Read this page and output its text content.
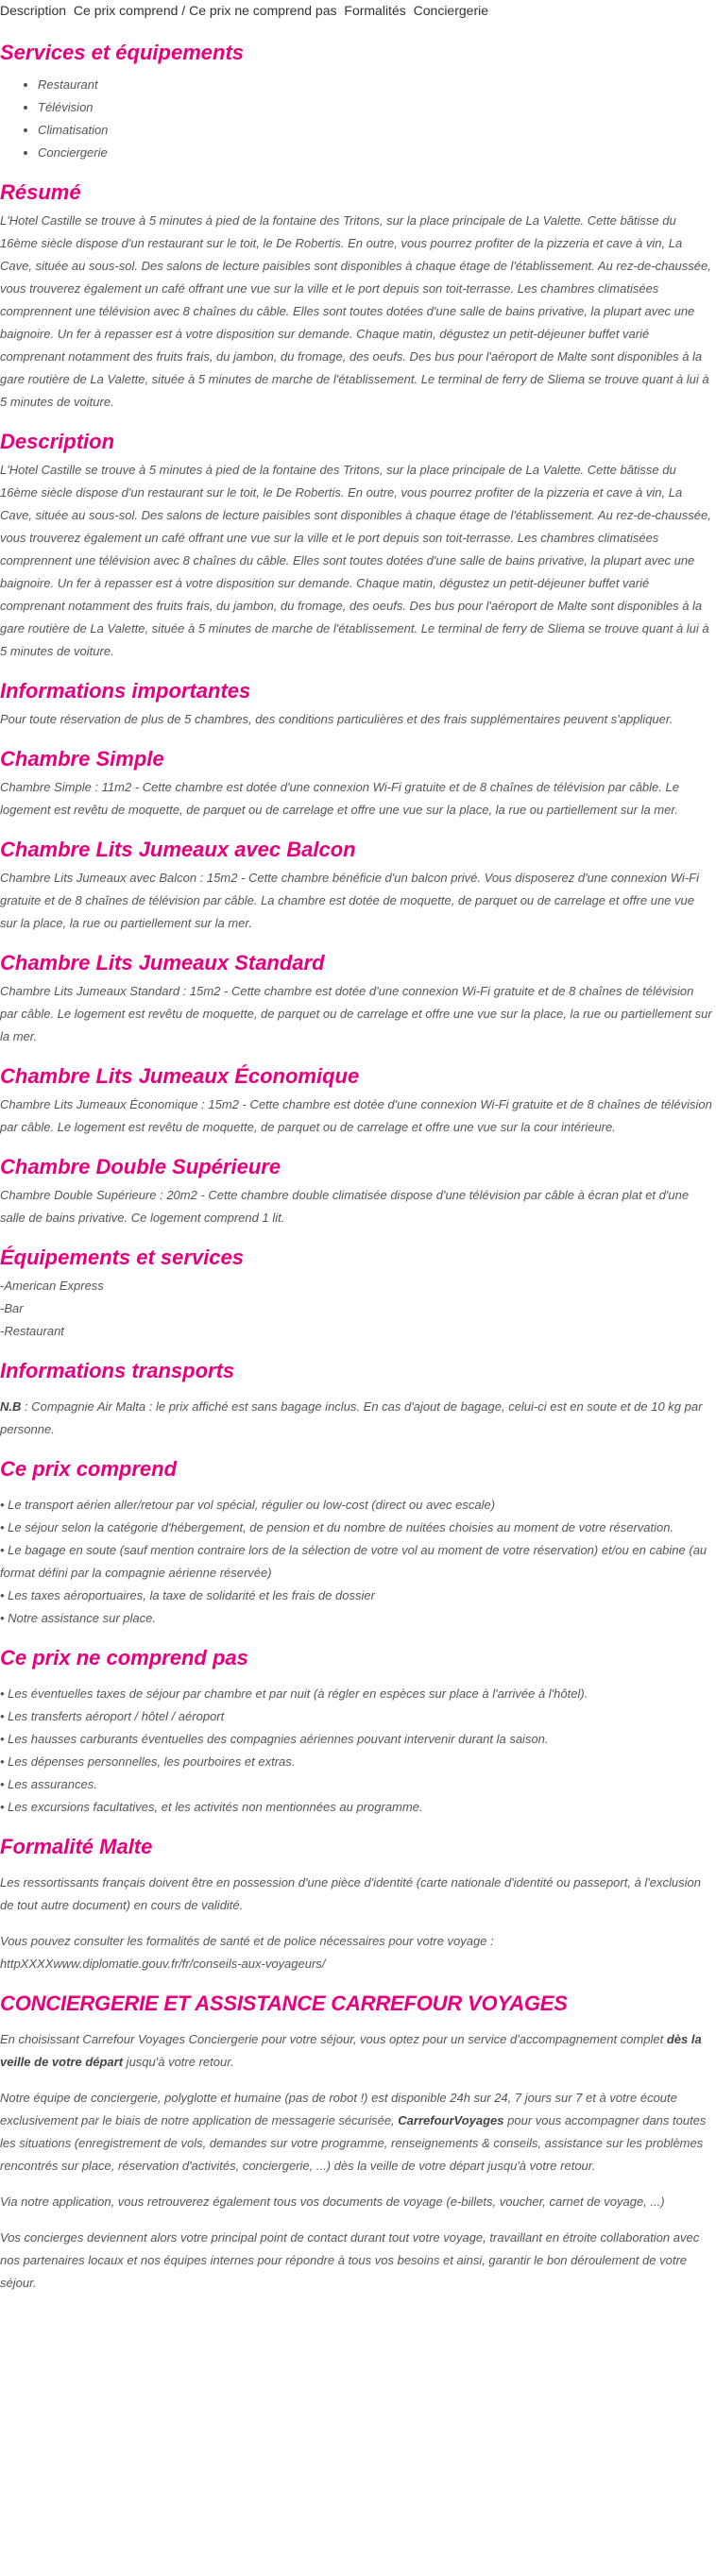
Description Ce prix comprend / Ce prix ne comprend pas Formalités Conciergerie
Services et équipements
• Restaurant
• Télévision
• Climatisation
• Conciergerie
Résumé

L'Hotel Castille se trouve à 5 minutes à pied de la fontaine des Tritons, sur la place principale de La Valette. Cette bâtisse du 16ème siècle dispose d'un restaurant sur le toit, le De Robertis. En outre, vous pourrez profiter de la pizzeria et cave à vin, La Cave, située au sous-sol. Des salons de lecture paisibles sont disponibles à chaque étage de l'établissement. Au rez-de-chaussée, vous trouverez également un café offrant une vue sur la ville et le port depuis son toit-terrasse. Les chambres climatisées comprennent une télévision avec 8 chaînes du câble. Elles sont toutes dotées d'une salle de bains privative, la plupart avec une baignoire. Un fer à repasser est à votre disposition sur demande. Chaque matin, dégustez un petit-déjeuner buffet varié comprenant notamment des fruits frais, du jambon, du fromage, des oeufs. Des bus pour l'aéroport de Malte sont disponibles à la gare routière de La Valette, située à 5 minutes de marche de l'établissement. Le terminal de ferry de Sliema se trouve quant à lui à 5 minutes de voiture.

Description

L'Hotel Castille se trouve à 5 minutes à pied de la fontaine des Tritons, sur la place principale de La Valette. Cette bâtisse du 16ème siècle dispose d'un restaurant sur le toit, le De Robertis. En outre, vous pourrez profiter de la pizzeria et cave à vin, La Cave, située au sous-sol. Des salons de lecture paisibles sont disponibles à chaque étage de l'établissement. Au rez-de-chaussée, vous trouverez également un café offrant une vue sur la ville et le port depuis son toit-terrasse. Les chambres climatisées comprennent une télévision avec 8 chaînes du câble. Elles sont toutes dotées d'une salle de bains privative, la plupart avec une baignoire. Un fer à repasser est à votre disposition sur demande. Chaque matin, dégustez un petit-déjeuner buffet varié comprenant notamment des fruits frais, du jambon, du fromage, des oeufs. Des bus pour l'aéroport de Malte sont disponibles à la gare routière de La Valette, située à 5 minutes de marche de l'établissement. Le terminal de ferry de Sliema se trouve quant à lui à 5 minutes de voiture.

Informations importantes

Pour toute réservation de plus de 5 chambres, des conditions particulières et des frais supplémentaires peuvent s'appliquer.

Chambre Simple

Chambre Simple : 11m2 - Cette chambre est dotée d'une connexion Wi-Fi gratuite et de 8 chaînes de télévision par câble. Le logement est revêtu de moquette, de parquet ou de carrelage et offre une vue sur la place, la rue ou partiellement sur la mer.

Chambre Lits Jumeaux avec Balcon

Chambre Lits Jumeaux avec Balcon : 15m2 - Cette chambre bénéficie d'un balcon privé. Vous disposerez d'une connexion Wi-Fi gratuite et de 8 chaînes de télévision par câble. La chambre est dotée de moquette, de parquet ou de carrelage et offre une vue sur la place, la rue ou partiellement sur la mer.

Chambre Lits Jumeaux Standard

Chambre Lits Jumeaux Standard : 15m2 - Cette chambre est dotée d'une connexion Wi-Fi gratuite et de 8 chaînes de télévision par câble. Le logement est revêtu de moquette, de parquet ou de carrelage et offre une vue sur la place, la rue ou partiellement sur la mer.

Chambre Lits Jumeaux Économique

Chambre Lits Jumeaux Économique : 15m2 - Cette chambre est dotée d'une connexion Wi-Fi gratuite et de 8 chaînes de télévision par câble. Le logement est revêtu de moquette, de parquet ou de carrelage et offre une vue sur la cour intérieure.

Chambre Double Supérieure

Chambre Double Supérieure : 20m2 - Cette chambre double climatisée dispose d'une télévision par câble à écran plat et d'une salle de bains privative. Ce logement comprend 1 lit.

Équipements et services
-American Express
-Bar
-Restaurant
Informations transports

N.B : Compagnie Air Malta : le prix affiché est sans bagage inclus. En cas d'ajout de bagage, celui-ci est en soute et de 10 kg par personne.

Ce prix comprend
• Le transport aérien aller/retour par vol spécial, régulier ou low-cost (direct ou avec escale)
• Le séjour selon la catégorie d'hébergement, de pension et du nombre de nuitées choisies au moment de votre réservation.
• Le bagage en soute (sauf mention contraire lors de la sélection de votre vol au moment de votre réservation) et/ou en cabine (au format défini par la compagnie aérienne réservée)
• Les taxes aéroportuaires, la taxe de solidarité et les frais de dossier
• Notre assistance sur place.
Ce prix ne comprend pas
• Les éventuelles taxes de séjour par chambre et par nuit (à régler en espèces sur place à l'arrivée à l'hôtel).
• Les transferts aéroport / hôtel / aéroport
• Les hausses carburants éventuelles des compagnies aériennes pouvant intervenir durant la saison.
• Les dépenses personnelles, les pourboires et extras.
• Les assurances.
• Les excursions facultatives, et les activités non mentionnées au programme.
Formalité Malte

Les ressortissants français doivent être en possession d'une pièce d'identité (carte nationale d'identité ou passeport, à l'exclusion de tout autre document) en cours de validité.

Vous pouvez consulter les formalités de santé et de police nécessaires pour votre voyage :

httpXXXXwww.diplomatie.gouv.fr/fr/conseils-aux-voyageurs/

CONCIERGERIE ET ASSISTANCE CARREFOUR VOYAGES

En choisissant Carrefour Voyages Conciergerie pour votre séjour, vous optez pour un service d'accompagnement complet dès la veille de votre départ jusqu'à votre retour.

Notre équipe de conciergerie, polyglotte et humaine (pas de robot !) est disponible 24h sur 24, 7 jours sur 7 et à votre écoute exclusivement par le biais de notre application de messagerie sécurisée, CarrefourVoyages pour vous accompagner dans toutes les situations (enregistrement de vols, demandes sur votre programme, renseignements & conseils, assistance sur les problèmes rencontrés sur place, réservation d'activités, conciergerie, ...) dès la veille de votre départ jusqu'à votre retour.

Via notre application, vous retrouverez également tous vos documents de voyage (e-billets, voucher, carnet de voyage, ...)

Vos concierges deviennent alors votre principal point de contact durant tout votre voyage, travaillant en étroite collaboration avec nos partenaires locaux et nos équipes internes pour répondre à tous vos besoins et ainsi, garantir le bon déroulement de votre séjour.
